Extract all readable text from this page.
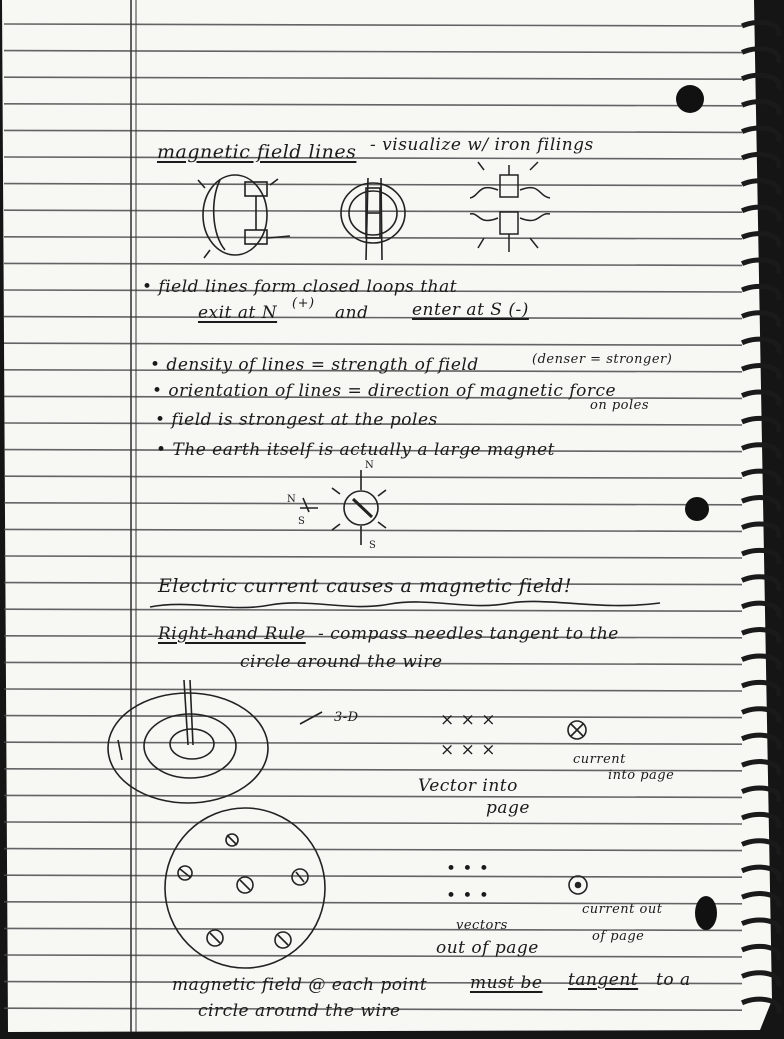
magnetic field lines - visualize w/ iron filings
• field lines form closed loops that
exit at N (+) and	enter at S (-)
• density of lines = strength of field	(denser = stronger)
• orientation of lines = direction of magnetic force
on poles
• field is strongest at the poles
• The earth itself is actually a large magnet
N
N
S
S
Electric current causes a magnetic field!
Right-hand Rule - compass needles tangent to the
circle around the wire
3-D	× × ×
× × ×
Vector into
page
current
into page
• • •
• • •
vectors
out of page
current out
of page
magnetic field @ each point	must be tangent to a
circle around the wire
